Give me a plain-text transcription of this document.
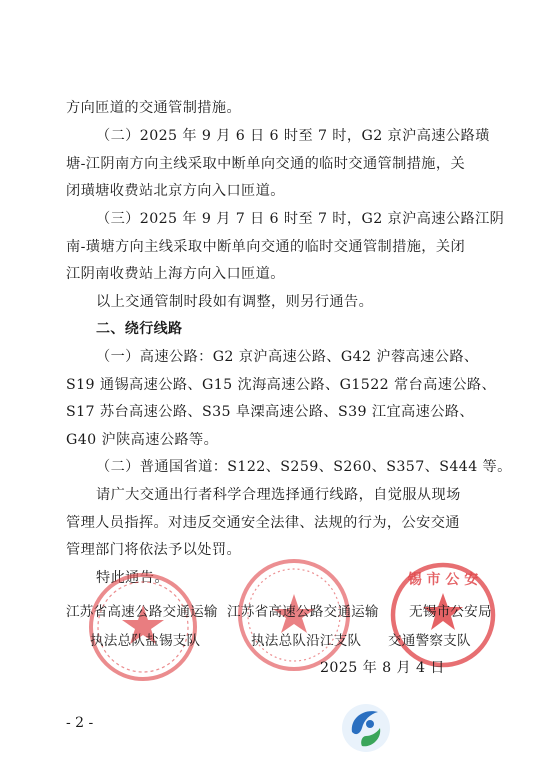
方向匝道的交通管制措施。
（二）2025 年 9 月 6 日 6 时至 7 时，G2 京沪高速公路璜
塘-江阴南方向主线采取中断单向交通的临时交通管制措施，关
闭璜塘收费站北京方向入口匝道。
（三）2025 年 9 月 7 日 6 时至 7 时，G2 京沪高速公路江阴
南-璜塘方向主线采取中断单向交通的临时交通管制措施，关闭
江阴南收费站上海方向入口匝道。
以上交通管制时段如有调整，则另行通告。
二、绕行线路
（一）高速公路：G2 京沪高速公路、G42 沪蓉高速公路、
S19 通锡高速公路、G15 沈海高速公路、G1522 常台高速公路、
S17 苏台高速公路、S35 阜溧高速公路、S39 江宜高速公路、
G40 沪陕高速公路等。
（二）普通国省道：S122、S259、S260、S357、S444 等。
请广大交通出行者科学合理选择通行线路，自觉服从现场
管理人员指挥。对违反交通安全法律、法规的行为，公安交通
管理部门将依法予以处罚。
特此通告。	锡 市 公 安
江苏省高速公路交通运输
执法总队盐锡支队
江苏省高速公路交通运输
执法总队沿江支队
无锡市公安局
交通警察支队
2025 年 8 月 4 日
- 2 -
